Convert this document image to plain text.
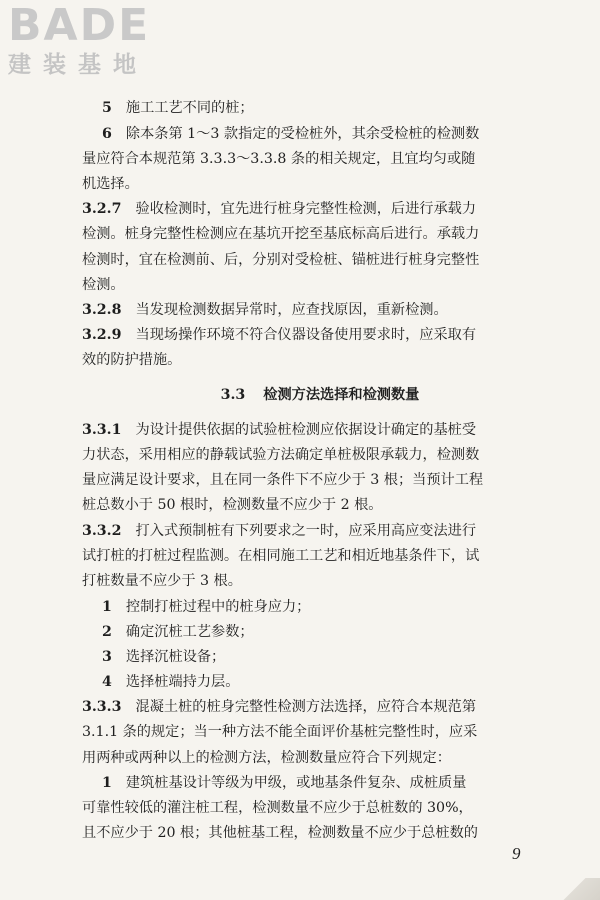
BADE
建装基地
5 施工工艺不同的桩；
6 除本条第 1～3 款指定的受检桩外，其余受检桩的检测数
量应符合本规范第 3.3.3～3.3.8 条的相关规定，且宜均匀或随
机选择。
3.2.7 验收检测时，宜先进行桩身完整性检测，后进行承载力
检测。桩身完整性检测应在基坑开挖至基底标高后进行。承载力
检测时，宜在检测前、后，分别对受检桩、锚桩进行桩身完整性
检测。
3.2.8 当发现检测数据异常时，应查找原因，重新检测。
3.2.9 当现场操作环境不符合仪器设备使用要求时，应采取有
效的防护措施。
3.3 检测方法选择和检测数量
3.3.1 为设计提供依据的试验桩检测应依据设计确定的基桩受
力状态，采用相应的静载试验方法确定单桩极限承载力，检测数
量应满足设计要求，且在同一条件下不应少于 3 根；当预计工程
桩总数小于 50 根时，检测数量不应少于 2 根。
3.3.2 打入式预制桩有下列要求之一时，应采用高应变法进行
试打桩的打桩过程监测。在相同施工工艺和相近地基条件下，试
打桩数量不应少于 3 根。
1 控制打桩过程中的桩身应力；
2 确定沉桩工艺参数；
3 选择沉桩设备；
4 选择桩端持力层。
3.3.3 混凝土桩的桩身完整性检测方法选择，应符合本规范第
3.1.1 条的规定；当一种方法不能全面评价基桩完整性时，应采
用两种或两种以上的检测方法，检测数量应符合下列规定：
1 建筑桩基设计等级为甲级，或地基条件复杂、成桩质量
可靠性较低的灌注桩工程，检测数量不应少于总桩数的 30%，
且不应少于 20 根；其他桩基工程，检测数量不应少于总桩数的
9
